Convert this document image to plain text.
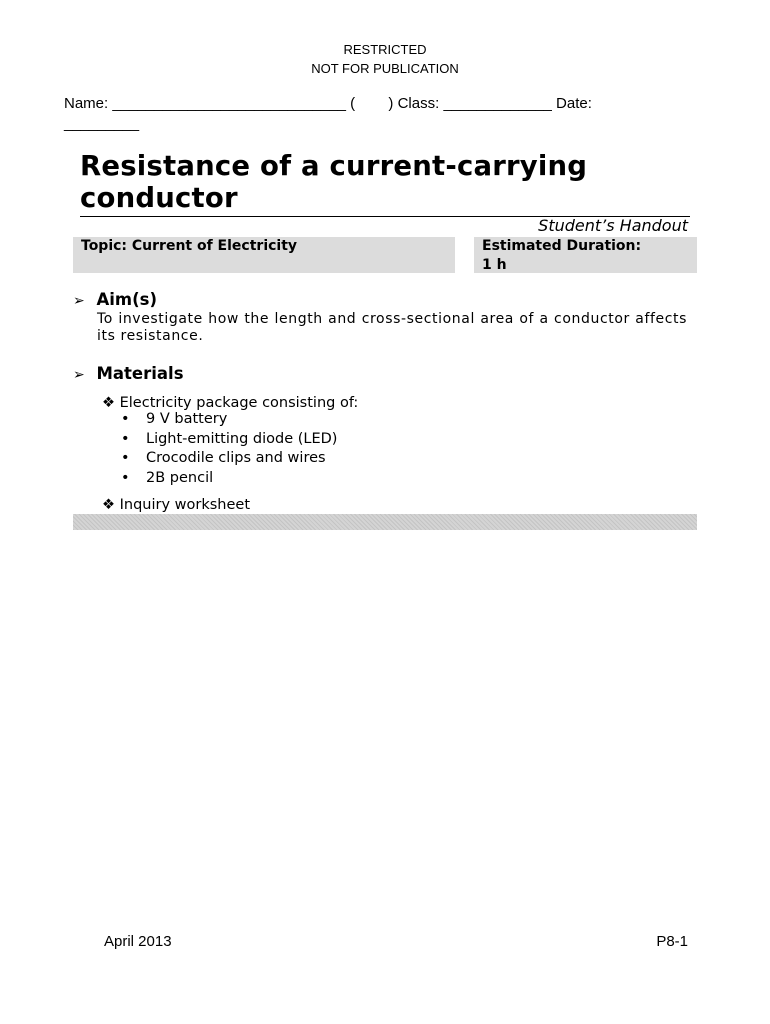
RESTRICTED
NOT FOR PUBLICATION
Name: ____________________________ (        ) Class: _____________ Date:
_________
Resistance of a current-carrying conductor
Student’s Handout
Topic: Current of Electricity	Estimated Duration:
1 h
➢ Aim(s)
To investigate how the length and cross-sectional area of a conductor affects its resistance.
➢ Materials
❖ Electricity package consisting of:
• 9 V battery
• Light-emitting diode (LED)
• Crocodile clips and wires
• 2B pencil
❖ Inquiry worksheet
April 2013	P8-1
